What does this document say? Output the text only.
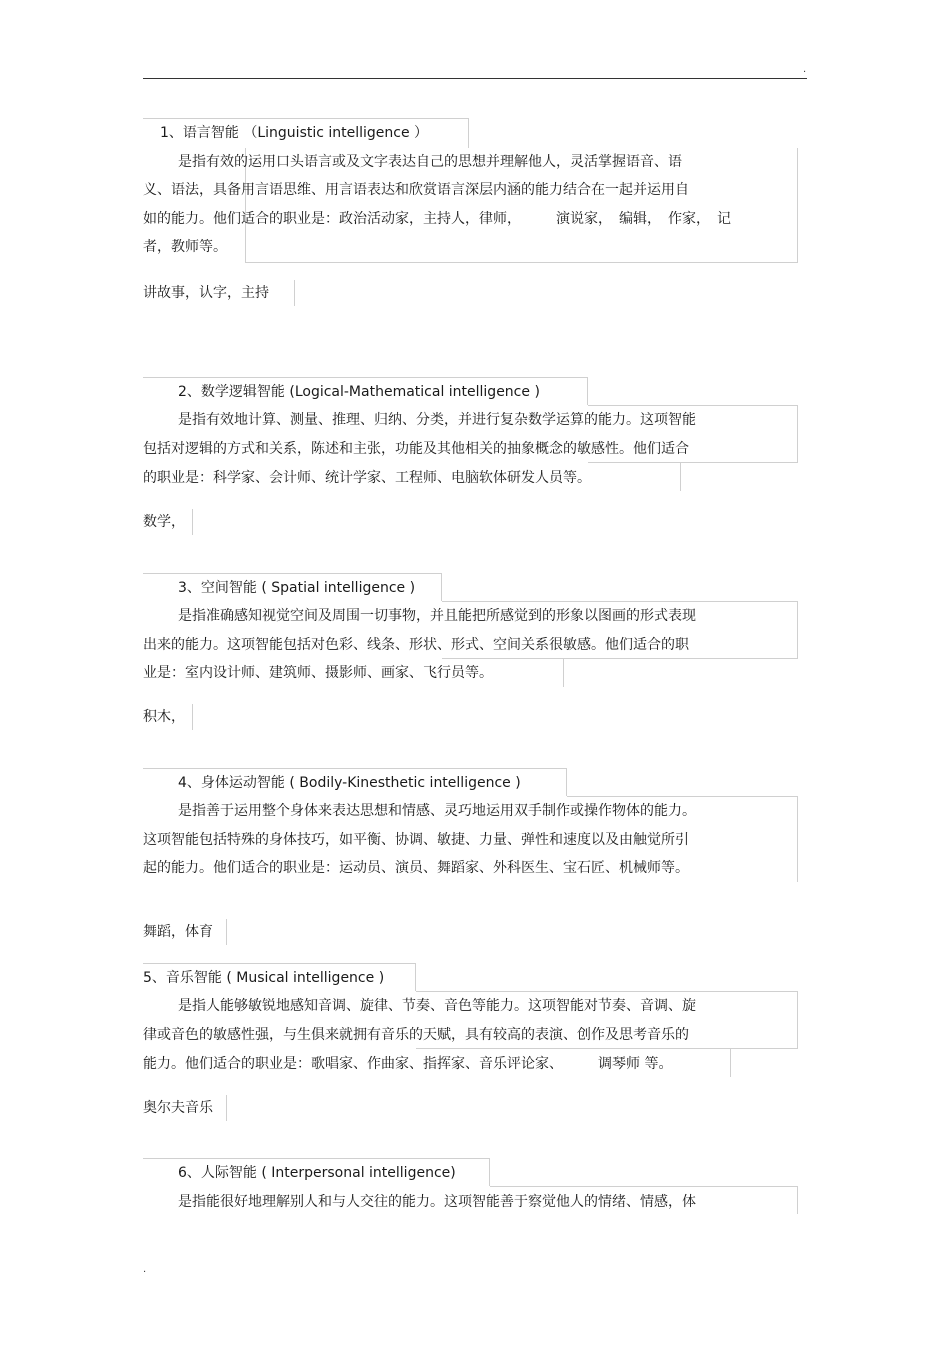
.
1、语言智能 （Linguistic intelligence ）
是指有效的运用口头语言或及文字表达自己的思想并理解他人，灵活掌握语音、语
义、语法，具备用言语思维、用言语表达和欣赏语言深层内涵的能力结合在一起并运用自
如的能力。他们适合的职业是：政治活动家，主持人，律师，　　　演说家，　编辑，　作家，　记
者，教师等。
讲故事，认字，主持
2、数学逻辑智能 (Logical-Mathematical intelligence )
是指有效地计算、测量、推理、归纳、分类，并进行复杂数学运算的能力。这项智能
包括对逻辑的方式和关系，陈述和主张，功能及其他相关的抽象概念的敏感性。他们适合
的职业是：科学家、会计师、统计学家、工程师、电脑软体研发人员等。
数学，
3、空间智能 ( Spatial intelligence )
是指准确感知视觉空间及周围一切事物，并且能把所感觉到的形象以图画的形式表现
出来的能力。这项智能包括对色彩、线条、形状、形式、空间关系很敏感。他们适合的职
业是：室内设计师、建筑师、摄影师、画家、飞行员等。
积木，
4、身体运动智能 ( Bodily-Kinesthetic intelligence )
是指善于运用整个身体来表达思想和情感、灵巧地运用双手制作或操作物体的能力。
这项智能包括特殊的身体技巧，如平衡、协调、敏捷、力量、弹性和速度以及由触觉所引
起的能力。他们适合的职业是：运动员、演员、舞蹈家、外科医生、宝石匠、机械师等。
舞蹈，体育
5、音乐智能 ( Musical intelligence )
是指人能够敏锐地感知音调、旋律、节奏、音色等能力。这项智能对节奏、音调、旋
律或音色的敏感性强，与生俱来就拥有音乐的天赋，具有较高的表演、创作及思考音乐的
能力。他们适合的职业是：歌唱家、作曲家、指挥家、音乐评论家、　　　调琴师 等。
奥尔夫音乐
6、人际智能 ( Interpersonal intelligence)
是指能很好地理解别人和与人交往的能力。这项智能善于察觉他人的情绪、情感，体
.
